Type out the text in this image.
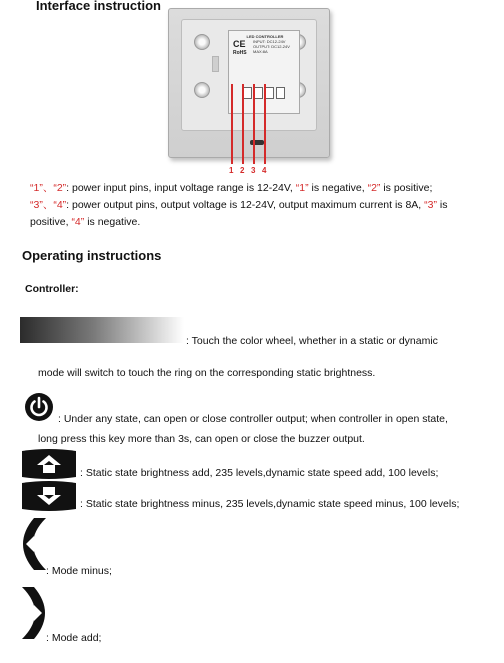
Interface instruction
LED CONTROLLER
INPUT: DC12-24V
OUTPUT: DC12-24V
MAX:8A
CE
RoHS
1 2 3 4
“1”、“2”: power input pins, input voltage range is 12-24V, “1” is negative, “2” is positive;
“3”、“4”: power output pins, output voltage is 12-24V, output maximum current is 8A, “3” is
positive, “4” is negative.
Operating instructions
Controller:
: Touch the color wheel, whether in a static or dynamic
mode will switch to touch the ring on the corresponding static brightness.
: Under any state, can open or close controller output; when controller in open state,
long press this key more than 3s, can open or close the buzzer output.
: Static state brightness add, 235 levels,dynamic state speed add, 100 levels;
: Static state brightness minus, 235 levels,dynamic state speed minus, 100 levels;
: Mode minus;
: Mode add;
